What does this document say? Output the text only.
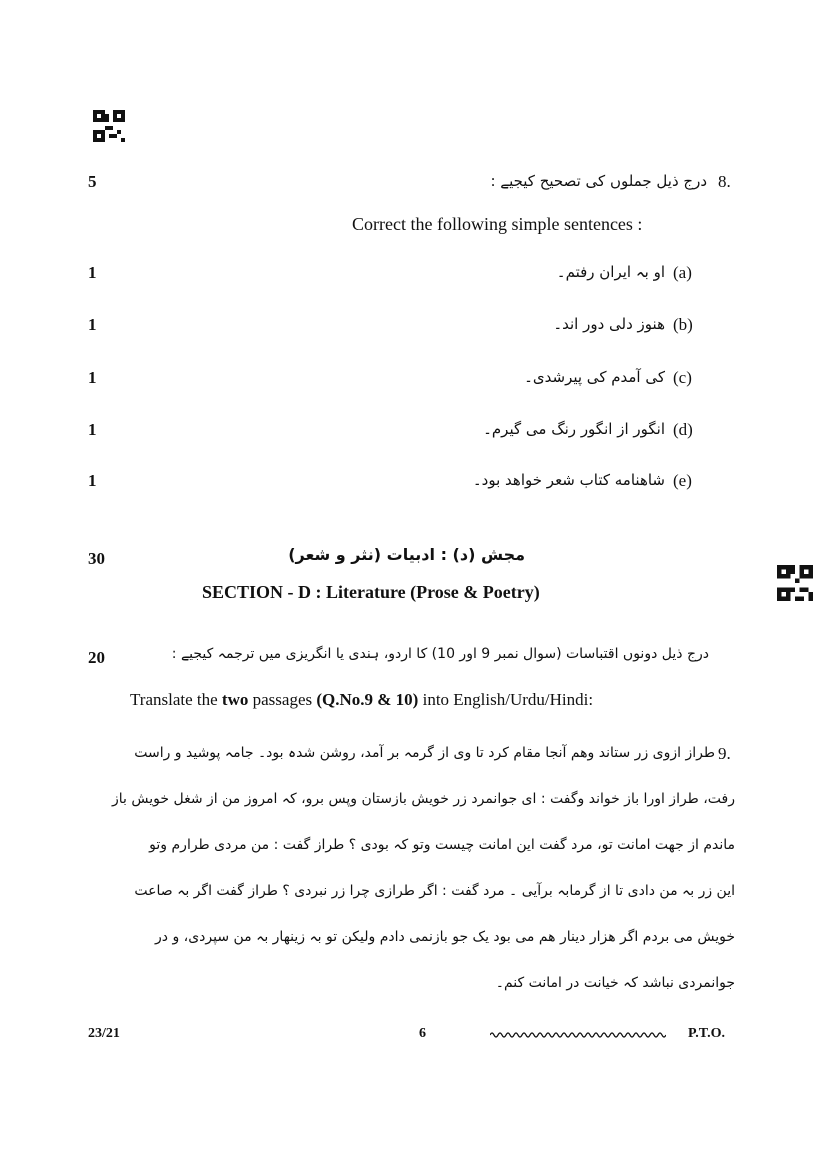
5	8.
درج ذیل جملوں کی تصحیح کیجیے :
Correct the following simple sentences :
1	(a)
او بہ ایران رفتم۔
1	(b)
هنوز دلی دور اند۔
1	(c)
کی آمدم کی پیرشدی۔
1	(d)
انگور از انگور رنگ می گیرم۔
1	(e)
شاهنامه کتاب شعر خواهد بود۔
30	مجش (د) : ادبیات (نثر و شعر)
SECTION - D : Literature (Prose & Poetry)
20	درج ذیل دونوں اقتباسات (سوال نمبر 9 اور 10) کا اردو، ہندی یا انگریزی میں ترجمہ کیجیے :
Translate the two passages (Q.No.9 & 10) into English/Urdu/Hindi:
9.
طراز ازوی زر ستاند وهم آنجا مقام کرد تا وی از گرمہ بر آمد، روشن شدہ بود۔ جامہ پوشید و راست
رفت، طراز اورا باز خواند وگفت : ای جوانمرد زر خویش بازستان وپس برو، کہ امروز من از شغل خویش باز
ماندم از جهت امانت تو، مرد گفت این امانت چیست وتو کہ بودی ؟ طراز گفت : من مردی طرارم وتو
این زر بہ من دادی تا از گرمابہ برآیی ۔ مرد گفت : اگر طرازی چرا زر نبردی ؟ طراز گفت اگر بہ صاعت
خویش می بردم اگر هزار دینار هم می بود یک جو بازنمی دادم ولیکن تو بہ زینهار بہ من سپردی، و در
جوانمردی نباشد کہ خیانت در امانت کنم۔
23/21	6	P.T.O.
